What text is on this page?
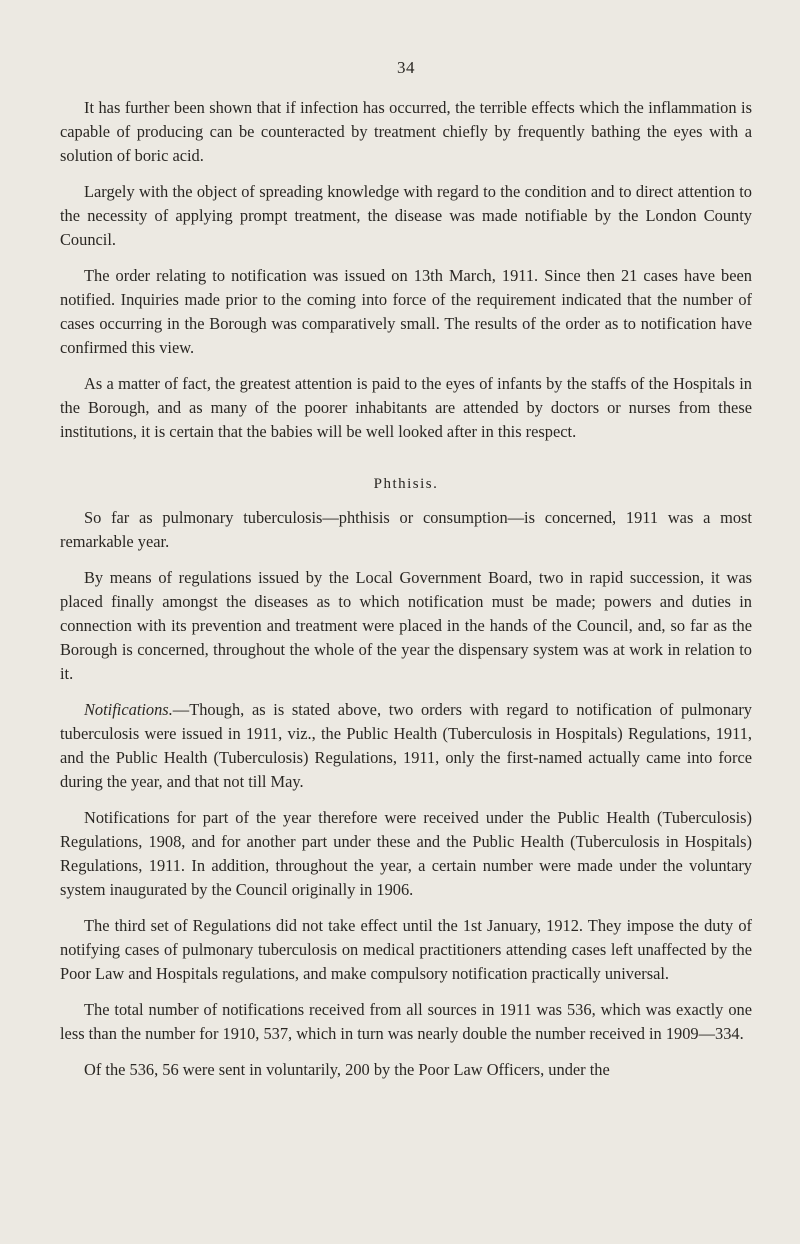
34

It has further been shown that if infection has occurred, the terrible effects which the inflammation is capable of producing can be counteracted by treatment chiefly by frequently bathing the eyes with a solution of boric acid.

Largely with the object of spreading knowledge with regard to the condition and to direct attention to the necessity of applying prompt treatment, the disease was made notifiable by the London County Council.

The order relating to notification was issued on 13th March, 1911. Since then 21 cases have been notified. Inquiries made prior to the coming into force of the requirement indicated that the number of cases occurring in the Borough was comparatively small. The results of the order as to notification have confirmed this view.

As a matter of fact, the greatest attention is paid to the eyes of infants by the staffs of the Hospitals in the Borough, and as many of the poorer inhabitants are attended by doctors or nurses from these institutions, it is certain that the babies will be well looked after in this respect.

Phthisis.

So far as pulmonary tuberculosis—phthisis or consumption—is concerned, 1911 was a most remarkable year.

By means of regulations issued by the Local Government Board, two in rapid succession, it was placed finally amongst the diseases as to which notification must be made; powers and duties in connection with its prevention and treatment were placed in the hands of the Council, and, so far as the Borough is concerned, throughout the whole of the year the dispensary system was at work in relation to it.

Notifications.—Though, as is stated above, two orders with regard to notification of pulmonary tuberculosis were issued in 1911, viz., the Public Health (Tuberculosis in Hospitals) Regulations, 1911, and the Public Health (Tuberculosis) Regulations, 1911, only the first-named actually came into force during the year, and that not till May.

Notifications for part of the year therefore were received under the Public Health (Tuberculosis) Regulations, 1908, and for another part under these and the Public Health (Tuberculosis in Hospitals) Regulations, 1911. In addition, throughout the year, a certain number were made under the voluntary system inaugurated by the Council originally in 1906.

The third set of Regulations did not take effect until the 1st January, 1912. They impose the duty of notifying cases of pulmonary tuberculosis on medical practitioners attending cases left unaffected by the Poor Law and Hospitals regulations, and make compulsory notification practically universal.

The total number of notifications received from all sources in 1911 was 536, which was exactly one less than the number for 1910, 537, which in turn was nearly double the number received in 1909—334.

Of the 536, 56 were sent in voluntarily, 200 by the Poor Law Officers, under the
